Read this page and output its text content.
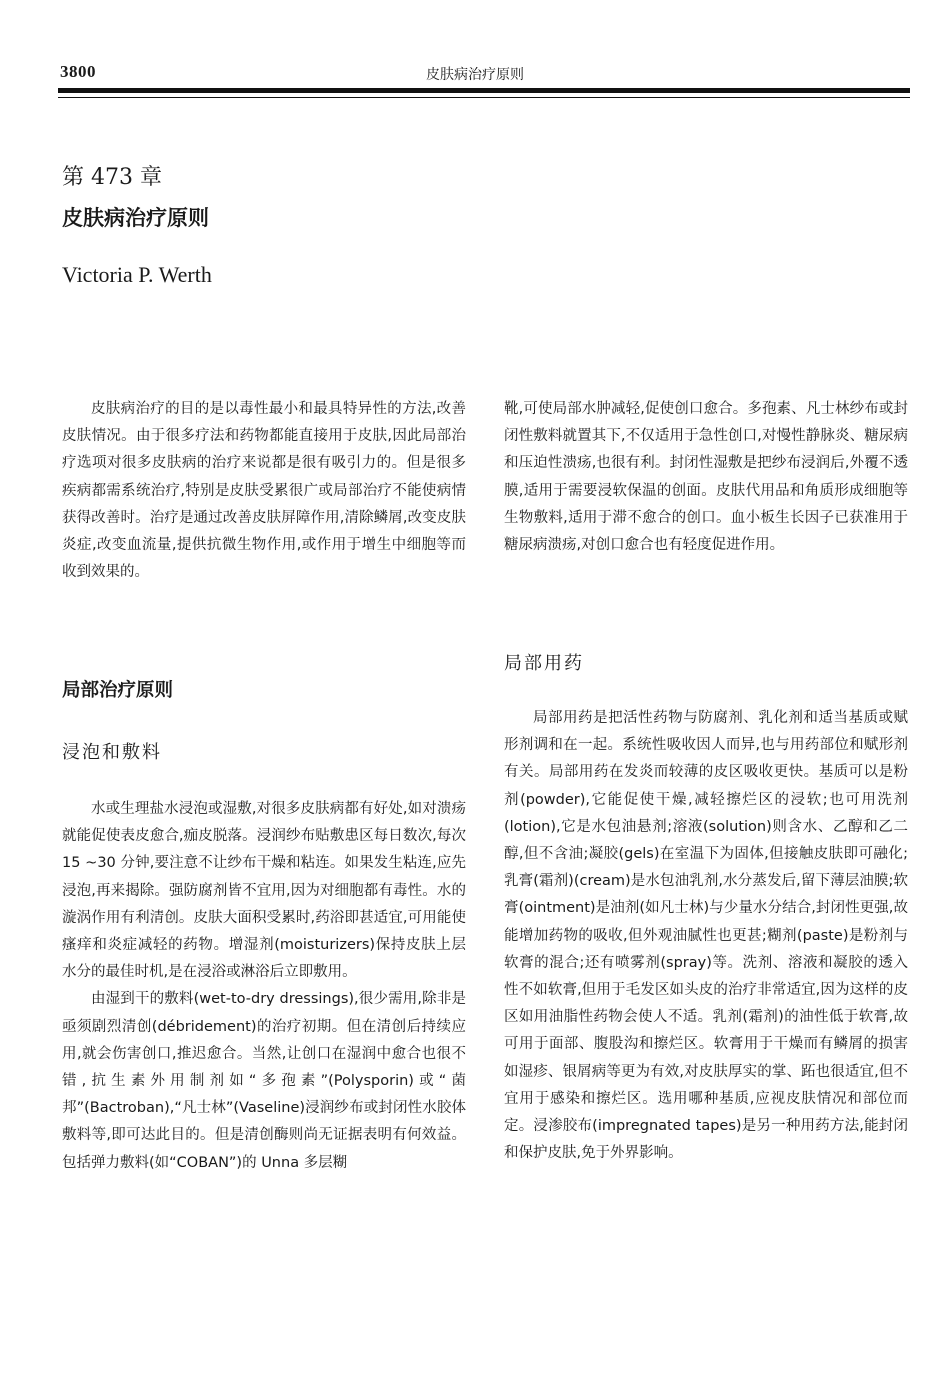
3800	皮肤病治疗原则
第 473 章
皮肤病治疗原则
Victoria P. Werth

皮肤病治疗的目的是以毒性最小和最具特异性的方法,改善皮肤情况。由于很多疗法和药物都能直接用于皮肤,因此局部治疗选项对很多皮肤病的治疗来说都是很有吸引力的。但是很多疾病都需系统治疗,特别是皮肤受累很广或局部治疗不能使病情获得改善时。治疗是通过改善皮肤屏障作用,清除鳞屑,改变皮肤炎症,改变血流量,提供抗微生物作用,或作用于增生中细胞等而收到效果的。

局部治疗原则
浸泡和敷料

水或生理盐水浸泡或湿敷,对很多皮肤病都有好处,如对溃疡就能促使表皮愈合,痂皮脱落。浸润纱布贴敷患区每日数次,每次 15 ~30 分钟,要注意不让纱布干燥和粘连。如果发生粘连,应先浸泡,再来揭除。强防腐剂皆不宜用,因为对细胞都有毒性。水的漩涡作用有利清创。皮肤大面积受累时,药浴即甚适宜,可用能使瘙痒和炎症减轻的药物。增湿剂(moisturizers)保持皮肤上层水分的最佳时机,是在浸浴或淋浴后立即敷用。

由湿到干的敷料(wet-to-dry dressings),很少需用,除非是亟须剧烈清创(débridement)的治疗初期。但在清创后持续应用,就会伤害创口,推迟愈合。当然,让创口在湿润中愈合也很不错,抗生素外用制剂如“多孢素”(Polysporin)或“菌邦”(Bactroban),“凡士林”(Vaseline)浸润纱布或封闭性水胶体敷料等,即可达此目的。但是清创酶则尚无证据表明有何效益。包括弹力敷料(如“COBAN”)的 Unna 多层糊

靴,可使局部水肿减轻,促使创口愈合。多孢素、凡士林纱布或封闭性敷料就置其下,不仅适用于急性创口,对慢性静脉炎、糖尿病和压迫性溃疡,也很有利。封闭性湿敷是把纱布浸润后,外覆不透膜,适用于需要浸软保温的创面。皮肤代用品和角质形成细胞等生物敷料,适用于滞不愈合的创口。血小板生长因子已获准用于糖尿病溃疡,对创口愈合也有轻度促进作用。

局部用药

局部用药是把活性药物与防腐剂、乳化剂和适当基质或赋形剂调和在一起。系统性吸收因人而异,也与用药部位和赋形剂有关。局部用药在发炎而较薄的皮区吸收更快。基质可以是粉剂(powder),它能促使干燥,减轻擦烂区的浸软;也可用洗剂(lotion),它是水包油悬剂;溶液(solution)则含水、乙醇和乙二醇,但不含油;凝胶(gels)在室温下为固体,但接触皮肤即可融化;乳膏(霜剂)(cream)是水包油乳剂,水分蒸发后,留下薄层油膜;软膏(ointment)是油剂(如凡士林)与少量水分结合,封闭性更强,故能增加药物的吸收,但外观油腻性也更甚;糊剂(paste)是粉剂与软膏的混合;还有喷雾剂(spray)等。洗剂、溶液和凝胶的透入性不如软膏,但用于毛发区如头皮的治疗非常适宜,因为这样的皮区如用油脂性药物会使人不适。乳剂(霜剂)的油性低于软膏,故可用于面部、腹股沟和擦烂区。软膏用于干燥而有鳞屑的损害如湿疹、银屑病等更为有效,对皮肤厚实的掌、跖也很适宜,但不宜用于感染和擦烂区。选用哪种基质,应视皮肤情况和部位而定。浸渗胶布(impregnated tapes)是另一种用药方法,能封闭和保护皮肤,免于外界影响。
